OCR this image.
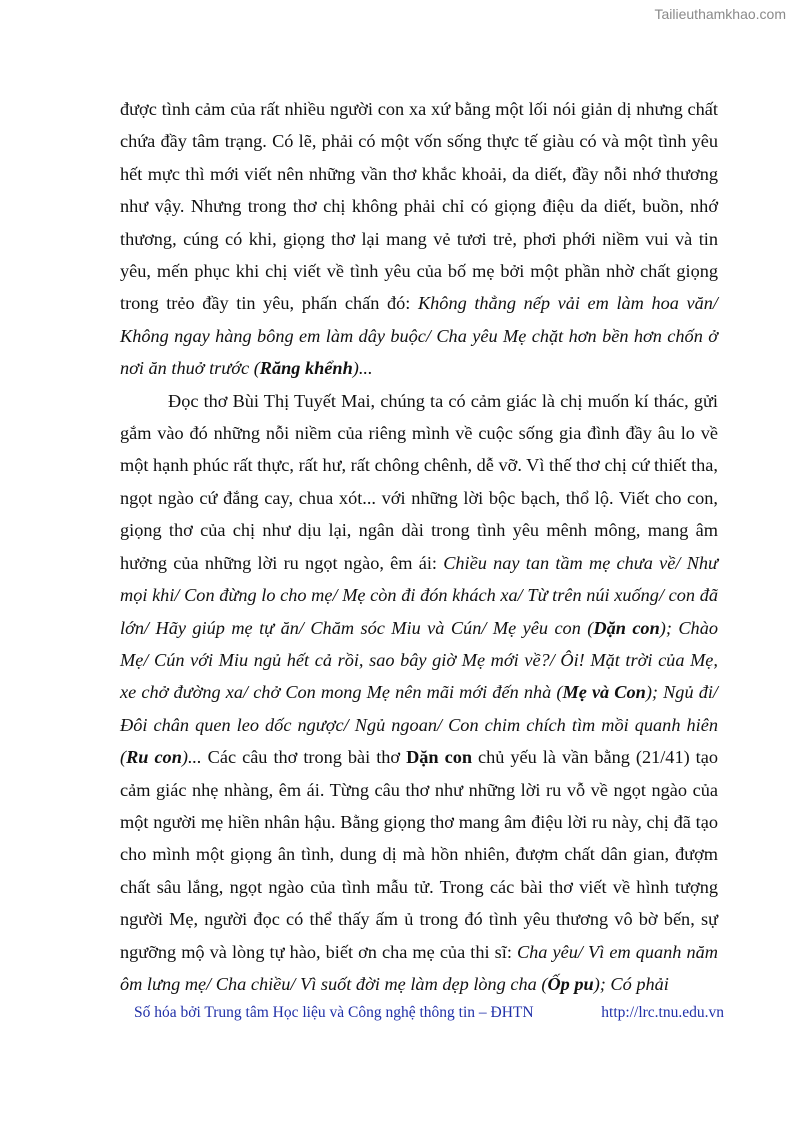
Tailieuthamkhao.com

được tình cảm của rất nhiều người con xa xứ bằng một lối nói giản dị nhưng chất chứa đầy tâm trạng. Có lẽ, phải có một vốn sống thực tế giàu có và một tình yêu hết mực thì mới viết nên những vần thơ khắc khoải, da diết, đầy nỗi nhớ thương như vậy. Nhưng trong thơ chị không phải chỉ có giọng điệu da diết, buồn, nhớ thương, cúng có khi, giọng thơ lại mang vẻ tươi trẻ, phơi phới niềm vui và tin yêu, mến phục khi chị viết về tình yêu của bố mẹ bởi một phần nhờ chất giọng trong trẻo đầy tin yêu, phấn chấn đó: Không thẳng nếp vải em làm hoa văn/ Không ngay hàng bông em làm dây buộc/ Cha yêu Mẹ chặt hơn bền hơn chốn ở nơi ăn thuở trước (Răng khểnh)...

Đọc thơ Bùi Thị Tuyết Mai, chúng ta có cảm giác là chị muốn kí thác, gửi gắm vào đó những nỗi niềm của riêng mình về cuộc sống gia đình đầy âu lo về một hạnh phúc rất thực, rất hư, rất chông chênh, dễ vỡ. Vì thế thơ chị cứ thiết tha, ngọt ngào cứ đắng cay, chua xót... với những lời bộc bạch, thổ lộ. Viết cho con, giọng thơ của chị như dịu lại, ngân dài trong tình yêu mênh mông, mang âm hưởng của những lời ru ngọt ngào, êm ái: Chiều nay tan tầm mẹ chưa về/ Như mọi khi/ Con đừng lo cho mẹ/ Mẹ còn đi đón khách xa/ Từ trên núi xuống/ con đã lớn/ Hãy giúp mẹ tự ăn/ Chăm sóc Miu và Cún/ Mẹ yêu con (Dặn con); Chào Mẹ/ Cún với Miu ngủ hết cả rồi, sao bây giờ Mẹ mới về?/ Ôi! Mặt trời của Mẹ, xe chở đường xa/ chở Con mong Mẹ nên mãi mới đến nhà (Mẹ và Con); Ngủ đi/ Đôi chân quen leo dốc ngược/ Ngủ ngoan/ Con chim chích tìm mồi quanh hiên (Ru con)... Các câu thơ trong bài thơ Dặn con chủ yếu là vần bằng (21/41) tạo cảm giác nhẹ nhàng, êm ái. Từng câu thơ như những lời ru vỗ về ngọt ngào của một người mẹ hiền nhân hậu. Bằng giọng thơ mang âm điệu lời ru này, chị đã tạo cho mình một giọng ân tình, dung dị mà hồn nhiên, đượm chất dân gian, đượm chất sâu lắng, ngọt ngào của tình mẫu tử. Trong các bài thơ viết về hình tượng người Mẹ, người đọc có thể thấy ấm ủ trong đó tình yêu thương vô bờ bến, sự ngưỡng mộ và lòng tự hào, biết ơn cha mẹ của thi sĩ: Cha yêu/ Vì em quanh năm ôm lưng mẹ/ Cha chiều/ Vì suốt đời mẹ làm dẹp lòng cha (Ốp pu); Có phải

Số hóa bởi Trung tâm Học liệu và Công nghệ thông tin – ĐHTN	http://lrc.tnu.edu.vn
